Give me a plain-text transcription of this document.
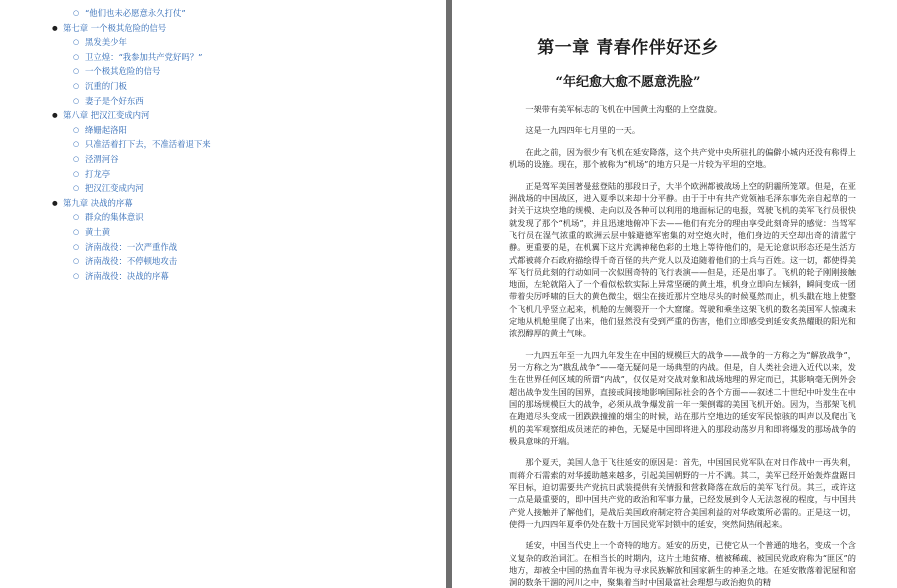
○ “他们也未必愿意永久打仗”
● 第七章 一个极其危险的信号
○ 黑发美少年
○ 卫立煌：“我参加共产党好吗？”
○ 一个极其危险的信号
○ 沉重的门板
○ 妻子是个好东西
● 第八章 把汉江变成内河
○ 绛姗起洛阳
○ 只准活着打下去，不准活着退下来
○ 泾渭河谷
○ 打龙亭
○ 把汉江变成内河
● 第九章 决战的序幕
○ 群众的集体意识
○ 黄土黄
○ 济南战役：一次严重作战
○ 济南战役：不停顿地攻击
○ 济南战役：决战的序幕
第一章 青春作伴好还乡
“年纪愈大愈不愿意洗脸”

一架带有美军标志的飞机在中国黄土沟壑的上空盘旋。

这是一九四四年七月里的一天。

在此之前，因为很少有飞机在延安降落，这个共产党中央所驻扎的偏僻小城内还没有称得上机场的设施。现在，那个被称为“机场”的地方只是一片较为平坦的空地。

正是驾军美国著曼兹登陆的那段日子，大半个欧洲都被战场上空的阴霾所笼罩。但是，在亚洲战场的中国战区，进入夏季以来却十分平静。由于于中有共产党领袖毛泽东事先亲自起草的一封关于这块空地的规模、走向以及各种可以利用的地面标记的电报，驾驶飞机的美军飞行员很快就发现了那个“机场”，并且迅速地俯冲下去——他们有充分的理由享受此刻奇异的感觉：当驾军飞行员在湿气浓重的欧洲云层中躲避德军密集的对空炮火时，他们身边的天空却出奇的清蓝宁静。更重要的是，在机翼下这片充满神秘色彩的土地上等待他们的，是无论意识形态还是生活方式都被蒋介石政府描绘得千奇百怪的共产党人以及追随着他们的士兵与百姓。这一切，都使得美军飞行员此刻的行动如同一次似围奇特的飞行表演——但是，还是出事了。飞机的轮子刚刚接触地面，左轮就陷入了一个看似松软实际上异常坚硬的黄土堆，机身立即向左倾斜，瞬间变成一团带着尖厉呼啸的巨大的黄色微尘，烟尘在接近那片空地尽头的时候戛然而止，机头戳在地上使整个飞机几乎竖立起来，机舱的左侧裂开一个大窟窿。驾驶和乘坐这架飞机的数名美国军人惊魂未定地从机舱里爬了出来，他们显然没有受到严重的伤害，他们立即感受到延安炙热耀眼的阳光和浓烈醇厚的黄土气味。

一九四五年至一九四九年发生在中国的规模巨大的战争——战争的一方称之为“解放战争”，另一方称之为“戡乱战争”——毫无疑问是一场典型的内战。但是，自人类社会进入近代以来，发生在世界任何区域的所谓“内战”，仅仅是对交战对象和战场地理的界定而已，其影响毫无例外会超出战争发生国的国界，直接或间接地影响国际社会的各个方面——叙述二十世纪中叶发生在中国的那场规模巨大的战争，必须从战争爆发前一年一架倒霉的美国飞机开始。因为，当那架飞机在跑道尽头变成一团跌跌撞撞的烟尘的时候，站在那片空地边的延安军民惊骇的叫声以及爬出飞机的美军观察组成员迷茫的神色，无疑是中国即将进入的那段动荡岁月和即将爆发的那场战争的极具意味的开端。

那个夏天，美国人急于飞往延安的原因是：首先，中国国民党军队在对日作战中一再失利，而蒋介石需索的对华援助越来越多，引起美国朝野的一片不满。其二，美军已经开始轰炸盘踞日军目标，迫切需要共产党抗日武装提供有关情报和营救降落在敌后的美军飞行员。其三，或许这一点是最重要的，即中国共产党的政治和军事力量，已经发展到令人无法忽视的程度，与中国共产党人接触并了解他们，是战后美国政府制定符合美国利益的对华政策所必需的。正是这一切，使得一九四四年夏季仍处在数十万国民党军封锁中的延安，突然间热闹起来。

延安，中国当代史上一个奇特的地方。延安的历史，已使它从一个普通的地名，变成一个含义复杂的政治词汇。在相当长的时期内，这片土地贫瘠、植被稀疏、被国民党政府称为“匪区”的地方，却被全中国的热血青年视为寻求民族解放和国家新生的神圣之地。在延安散落着泥屋和窑洞的数条干涸的河川之中，聚集着当时中国最富社会理想与政治抱负的精
